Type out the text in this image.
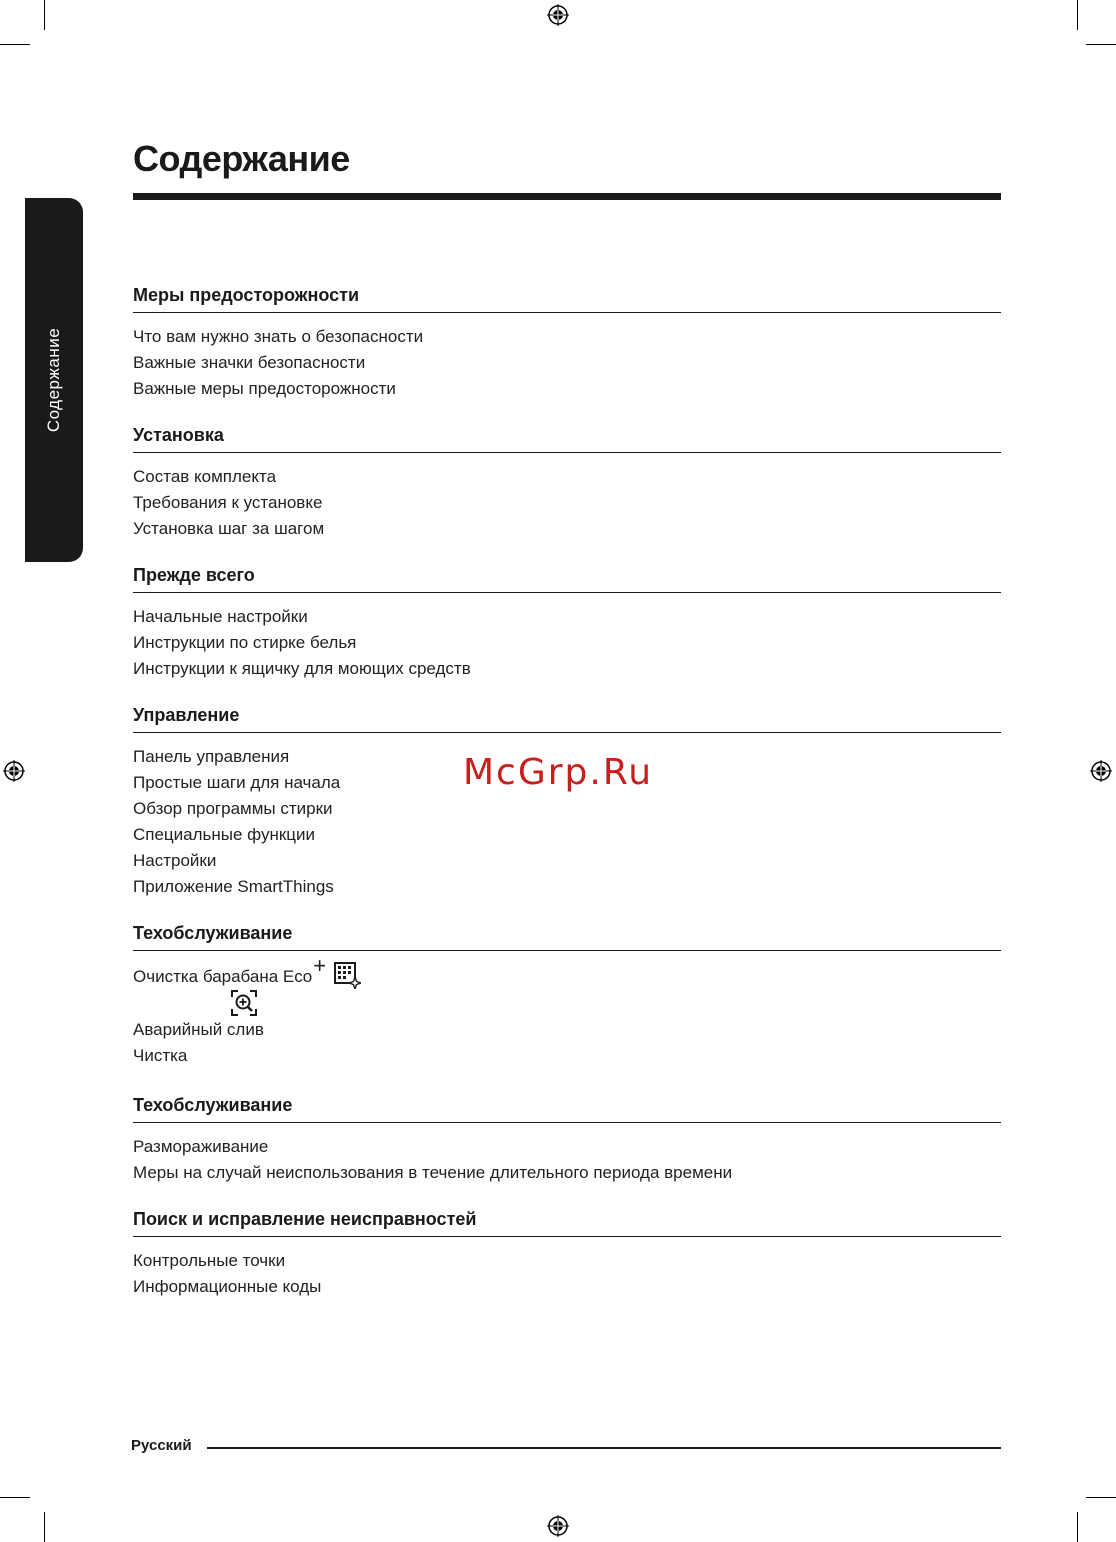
Содержание
Содержание
Меры предосторожности
Что вам нужно знать о безопасности
Важные значки безопасности
Важные меры предосторожности
Установка
Состав комплекта
Требования к установке
Установка шаг за шагом
Прежде всего
Начальные настройки
Инструкции по стирке белья
Инструкции к ящичку для моющих средств
Управление
Панель управления
Простые шаги для начала
Обзор программы стирки
Специальные функции
Настройки
Приложение SmartThings
Техобслуживание
Очистка барабана Eco+
Аварийный слив
Чистка
Техобслуживание
Размораживание
Меры на случай неиспользования в течение длительного периода времени
Поиск и исправление неисправностей
Контрольные точки
Информационные коды
McGrp.Ru
Русский
